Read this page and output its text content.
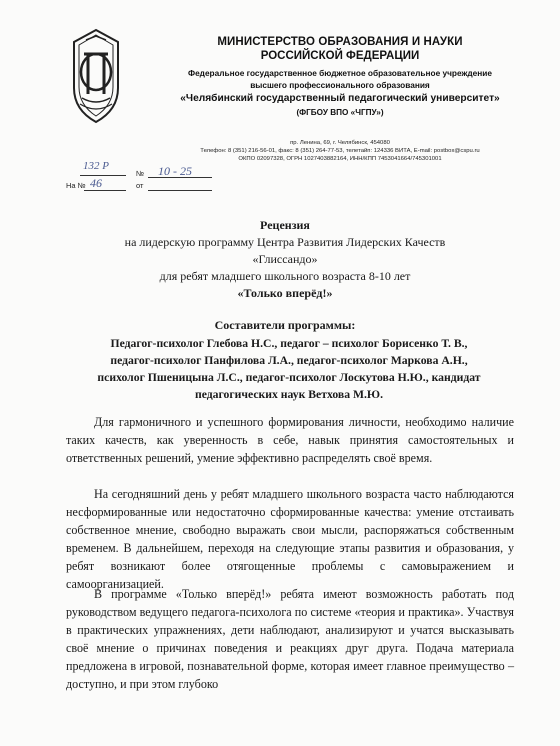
МИНИСТЕРСТВО ОБРАЗОВАНИЯ И НАУКИ
РОССИЙСКОЙ ФЕДЕРАЦИИ
Федеральное государственное бюджетное образовательное учреждение
высшего профессионального образования
«Челябинский государственный педагогический университет»
(ФГБОУ ВПО «ЧГПУ»)
пр. Ленина, 69, г. Челябинск, 454080
Телефон: 8 (351) 216-56-01, факс: 8 (351) 264-77-53, телетайп: 124336 ВИТА, E-mail: postbox@cspu.ru
ОКПО 02097328, ОГРН 1027403882164, ИНН/КПП 7453041664/745301001
132 Р
№ 10 - 25
На № 46	от
Рецензия
на лидерскую программу Центра Развития Лидерских Качеств
«Глиссандо»
для ребят младшего школьного возраста 8-10 лет
«Только вперёд!»
Составители программы:
Педагог-психолог Глебова Н.С., педагог – психолог Борисенко Т. В.,
педагог-психолог Панфилова Л.А., педагог-психолог Маркова А.Н.,
психолог Пшеницына Л.С., педагог-психолог Лоскутова Н.Ю., кандидат
педагогических наук Ветхова М.Ю.
Для гармоничного и успешного формирования личности, необходимо наличие таких качеств, как уверенность в себе, навык принятия самостоятельных и ответственных решений, умение эффективно распределять своё время.
На сегодняшний день у ребят младшего школьного возраста часто наблюдаются несформированные или недостаточно сформированные качества: умение отстаивать собственное мнение, свободно выражать свои мысли, распоряжаться собственным временем. В дальнейшем, переходя на следующие этапы развития и образования, у ребят возникают более отягощенные проблемы с самовыражением и самоорганизацией.
В программе «Только вперёд!» ребята имеют возможность работать под руководством ведущего педагога-психолога по системе «теория и практика». Участвуя в практических упражнениях, дети наблюдают, анализируют и учатся высказывать своё мнение о причинах поведения и реакциях друг друга. Подача материала предложена в игровой, познавательной форме, которая имеет главное преимущество – доступно, и при этом глубоко
